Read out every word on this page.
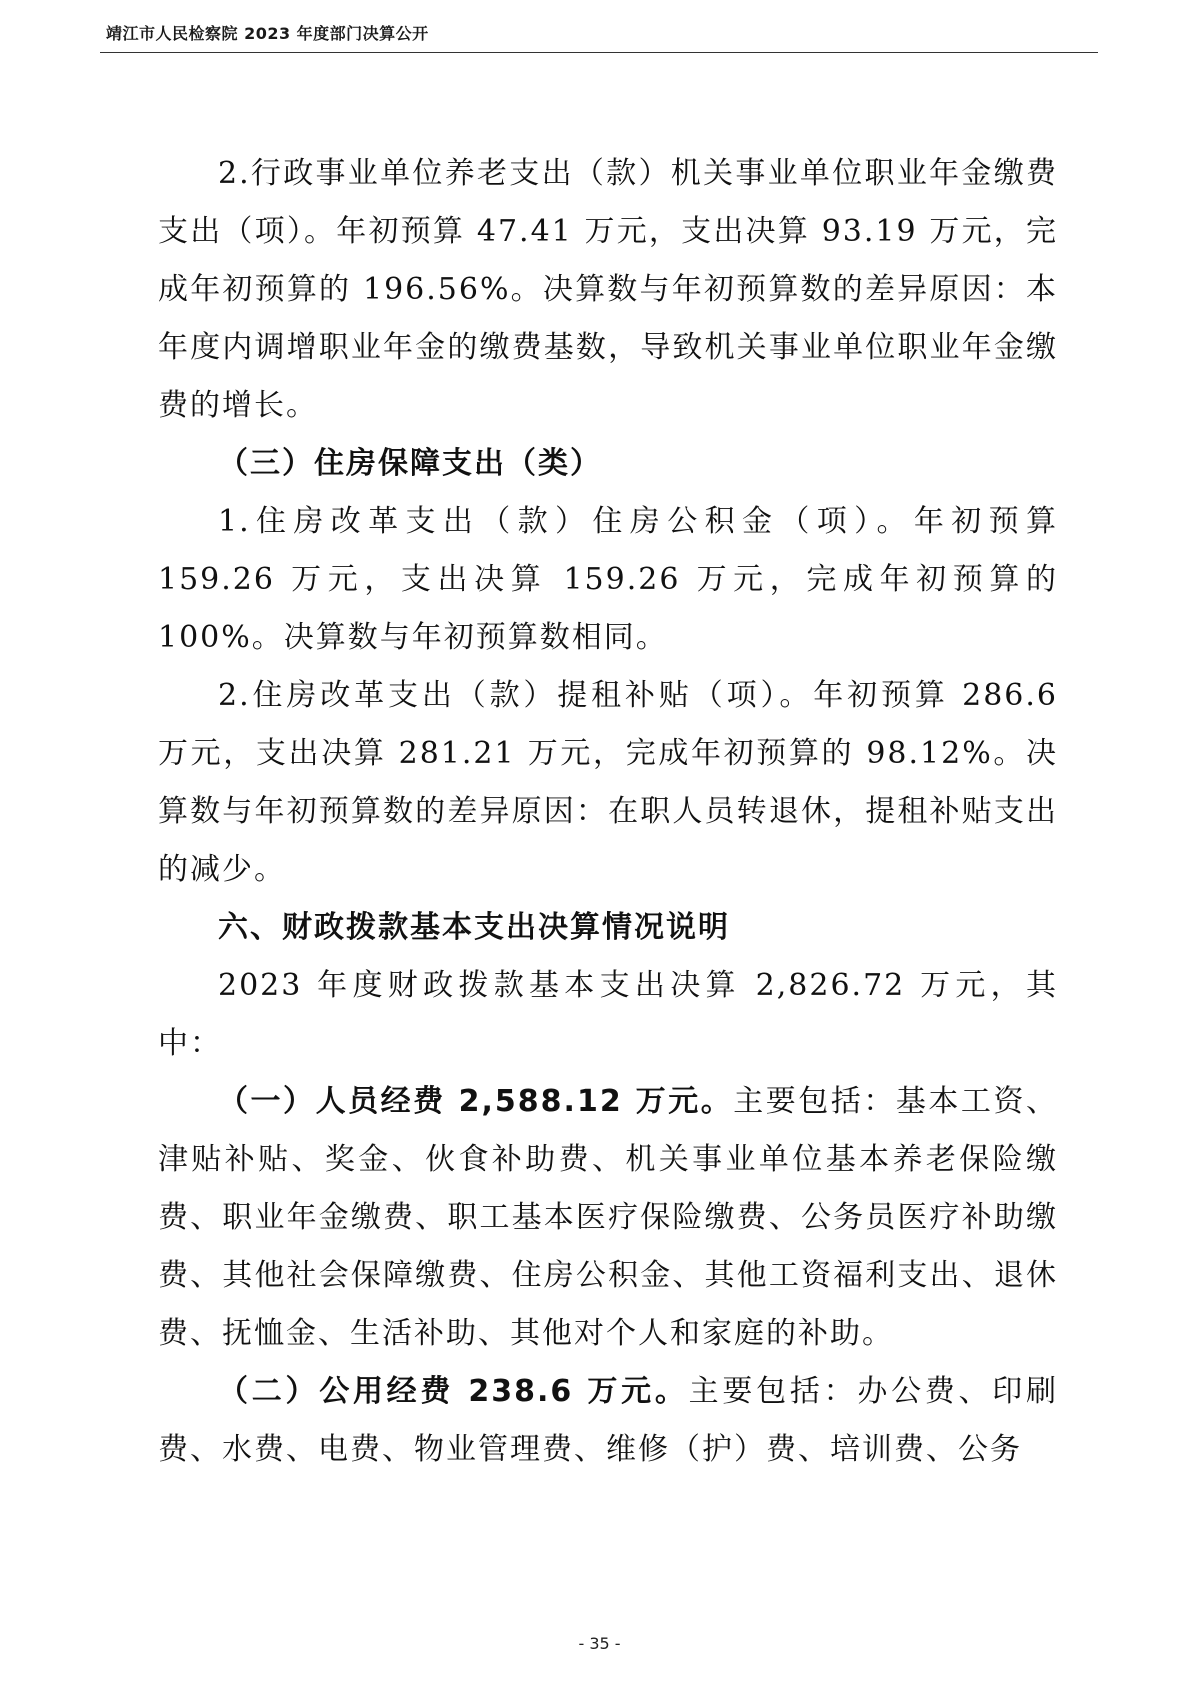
靖江市人民检察院 2023 年度部门决算公开

2.行政事业单位养老支出（款）机关事业单位职业年金缴费支出（项）。年初预算 47.41 万元，支出决算 93.19 万元，完成年初预算的 196.56%。决算数与年初预算数的差异原因：本年度内调增职业年金的缴费基数，导致机关事业单位职业年金缴费的增长。

（三）住房保障支出（类）

1.住房改革支出（款）住房公积金（项）。年初预算 159.26 万元，支出决算 159.26 万元，完成年初预算的 100%。决算数与年初预算数相同。

2.住房改革支出（款）提租补贴（项）。年初预算 286.6 万元，支出决算 281.21 万元，完成年初预算的 98.12%。决算数与年初预算数的差异原因：在职人员转退休，提租补贴支出的减少。

六、财政拨款基本支出决算情况说明

2023 年度财政拨款基本支出决算 2,826.72 万元，其中：

（一）人员经费 2,588.12 万元。主要包括：基本工资、津贴补贴、奖金、伙食补助费、机关事业单位基本养老保险缴费、职业年金缴费、职工基本医疗保险缴费、公务员医疗补助缴费、其他社会保障缴费、住房公积金、其他工资福利支出、退休费、抚恤金、生活补助、其他对个人和家庭的补助。

（二）公用经费 238.6 万元。主要包括：办公费、印刷费、水费、电费、物业管理费、维修（护）费、培训费、公务

- 35 -
